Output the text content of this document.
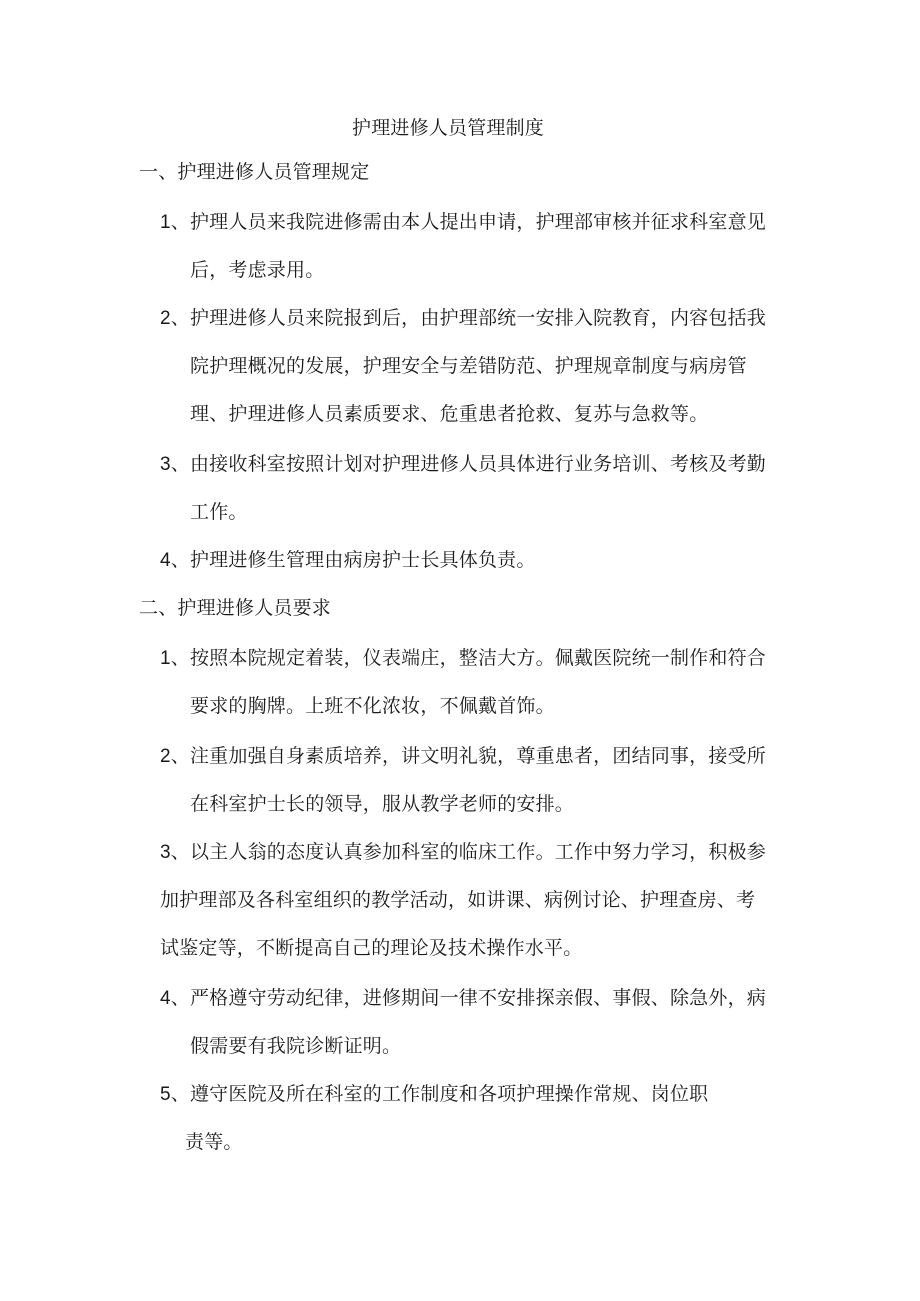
护理进修人员管理制度
一、护理进修人员管理规定
1、护理人员来我院进修需由本人提出申请，护理部审核并征求科室意见
后，考虑录用。
2、护理进修人员来院报到后，由护理部统一安排入院教育，内容包括我
院护理概况的发展，护理安全与差错防范、护理规章制度与病房管
理、护理进修人员素质要求、危重患者抢救、复苏与急救等。
3、由接收科室按照计划对护理进修人员具体进行业务培训、考核及考勤
工作。
4、护理进修生管理由病房护士长具体负责。
二、护理进修人员要求
1、按照本院规定着装，仪表端庄，整洁大方。佩戴医院统一制作和符合
要求的胸牌。上班不化浓妆，不佩戴首饰。
2、注重加强自身素质培养，讲文明礼貌，尊重患者，团结同事，接受所
在科室护士长的领导，服从教学老师的安排。
3、以主人翁的态度认真参加科室的临床工作。工作中努力学习，积极参
加护理部及各科室组织的教学活动，如讲课、病例讨论、护理查房、考
试鉴定等，不断提高自己的理论及技术操作水平。
4、严格遵守劳动纪律，进修期间一律不安排探亲假、事假、除急外，病
假需要有我院诊断证明。
5、遵守医院及所在科室的工作制度和各项护理操作常规、岗位职
责等。
